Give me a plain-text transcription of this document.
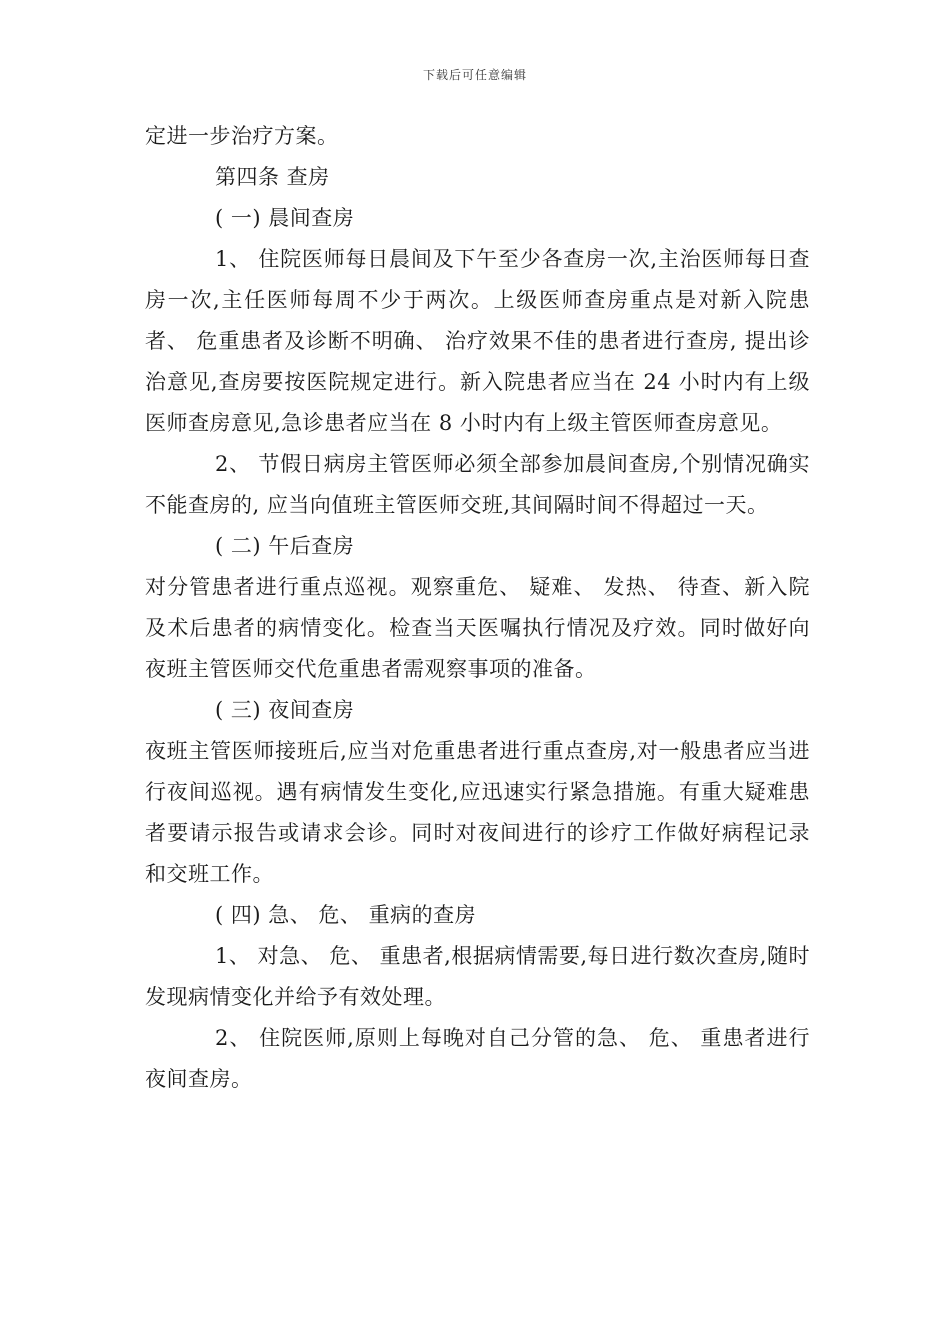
下载后可任意编辑

定进一步治疗方案。

第四条 查房

( 一) 晨间查房

1、 住院医师每日晨间及下午至少各查房一次,主治医师每日查房一次,主任医师每周不少于两次。上级医师查房重点是对新入院患者、 危重患者及诊断不明确、 治疗效果不佳的患者进行查房, 提出诊治意见,查房要按医院规定进行。新入院患者应当在 24 小时内有上级医师查房意见,急诊患者应当在 8 小时内有上级主管医师查房意见。

2、 节假日病房主管医师必须全部参加晨间查房,个别情况确实不能查房的, 应当向值班主管医师交班,其间隔时间不得超过一天。

( 二) 午后查房

对分管患者进行重点巡视。观察重危、 疑难、 发热、 待查、新入院及术后患者的病情变化。检查当天医嘱执行情况及疗效。同时做好向夜班主管医师交代危重患者需观察事项的准备。

( 三) 夜间查房

夜班主管医师接班后,应当对危重患者进行重点查房,对一般患者应当进行夜间巡视。遇有病情发生变化,应迅速实行紧急措施。有重大疑难患者要请示报告或请求会诊。同时对夜间进行的诊疗工作做好病程记录和交班工作。

( 四) 急、 危、 重病的查房

1、 对急、 危、 重患者,根据病情需要,每日进行数次查房,随时发现病情变化并给予有效处理。

2、 住院医师,原则上每晚对自己分管的急、 危、 重患者进行夜间查房。
